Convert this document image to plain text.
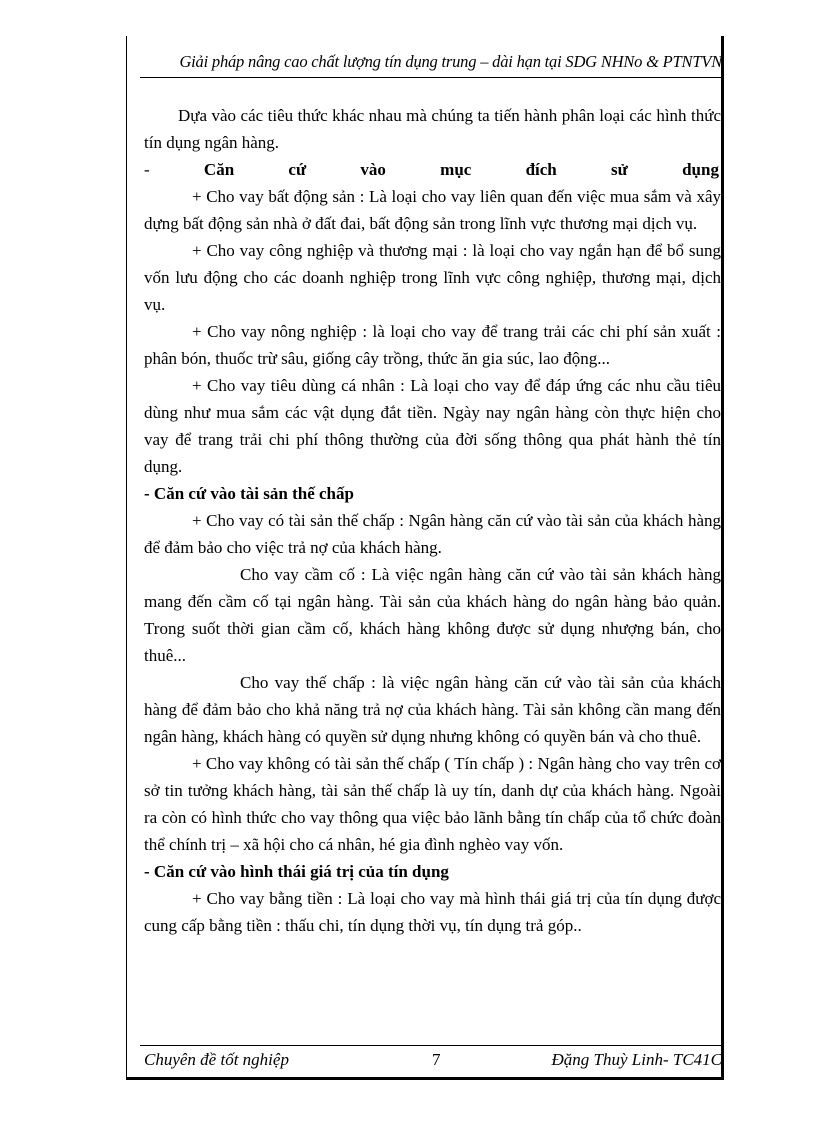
Giải pháp nâng cao chất lượng tín dụng trung – dài hạn tại SDG NHNo & PTNTVN

Dựa vào các tiêu thức khác nhau mà chúng ta tiến hành phân loại các hình thức tín dụng ngân hàng.

-	Căn	cứ	vào	mục	đích	sử	dụng

+ Cho vay bất động sản : Là loại cho vay liên quan đến việc mua sắm và xây dựng bất động sản nhà ở đất đai, bất động sản trong lĩnh vực thương mại dịch vụ.

+ Cho vay công nghiệp và thương mại : là loại cho vay ngắn hạn để bổ sung vốn lưu động cho các doanh nghiệp trong lĩnh vực công nghiệp, thương mại, dịch vụ.

+ Cho vay nông nghiệp : là loại cho vay để trang trải các chi phí sản xuất : phân bón, thuốc trừ sâu, giống cây trồng, thức ăn gia súc, lao động...

+ Cho vay tiêu dùng cá nhân : Là loại cho vay để đáp ứng các nhu cầu tiêu dùng như mua sắm các vật dụng đắt tiền. Ngày nay ngân hàng còn thực hiện cho vay để trang trải chi phí thông thường của đời sống thông qua phát hành thẻ tín dụng.

- Căn cứ vào tài sản thế chấp

+ Cho vay có tài sản thế chấp : Ngân hàng căn cứ vào tài sản của khách hàng để đảm bảo cho việc trả nợ của khách hàng.

Cho vay cầm cố : Là việc ngân hàng căn cứ vào tài sản khách hàng mang đến cầm cố tại ngân hàng. Tài sản của khách hàng do ngân hàng bảo quản. Trong suốt thời gian cầm cố, khách hàng không được sử dụng nhượng bán, cho thuê...

Cho vay thế chấp : là việc ngân hàng căn cứ vào tài sản của khách hàng để đảm bảo cho khả năng trả nợ của khách hàng. Tài sản không cần mang đến ngân hàng, khách hàng có quyền sử dụng nhưng không có quyền bán và cho thuê.

+ Cho vay không có tài sản thế chấp ( Tín chấp ) : Ngân hàng cho vay trên cơ sở tin tưởng khách hàng, tài sản thế chấp là uy tín, danh dự của khách hàng. Ngoài ra còn có hình thức cho vay thông qua việc bảo lãnh bằng tín chấp của tổ chức đoàn thể chính trị – xã hội cho cá nhân, hé gia đình nghèo vay vốn.

- Căn cứ vào hình thái giá trị của tín dụng

+ Cho vay bằng tiền : Là loại cho vay mà hình thái giá trị của tín dụng được cung cấp bằng tiền : thấu chi, tín dụng thời vụ, tín dụng trả góp..

Chuyên đề tốt nghiệp	7	Đặng Thuỳ Linh- TC41C
